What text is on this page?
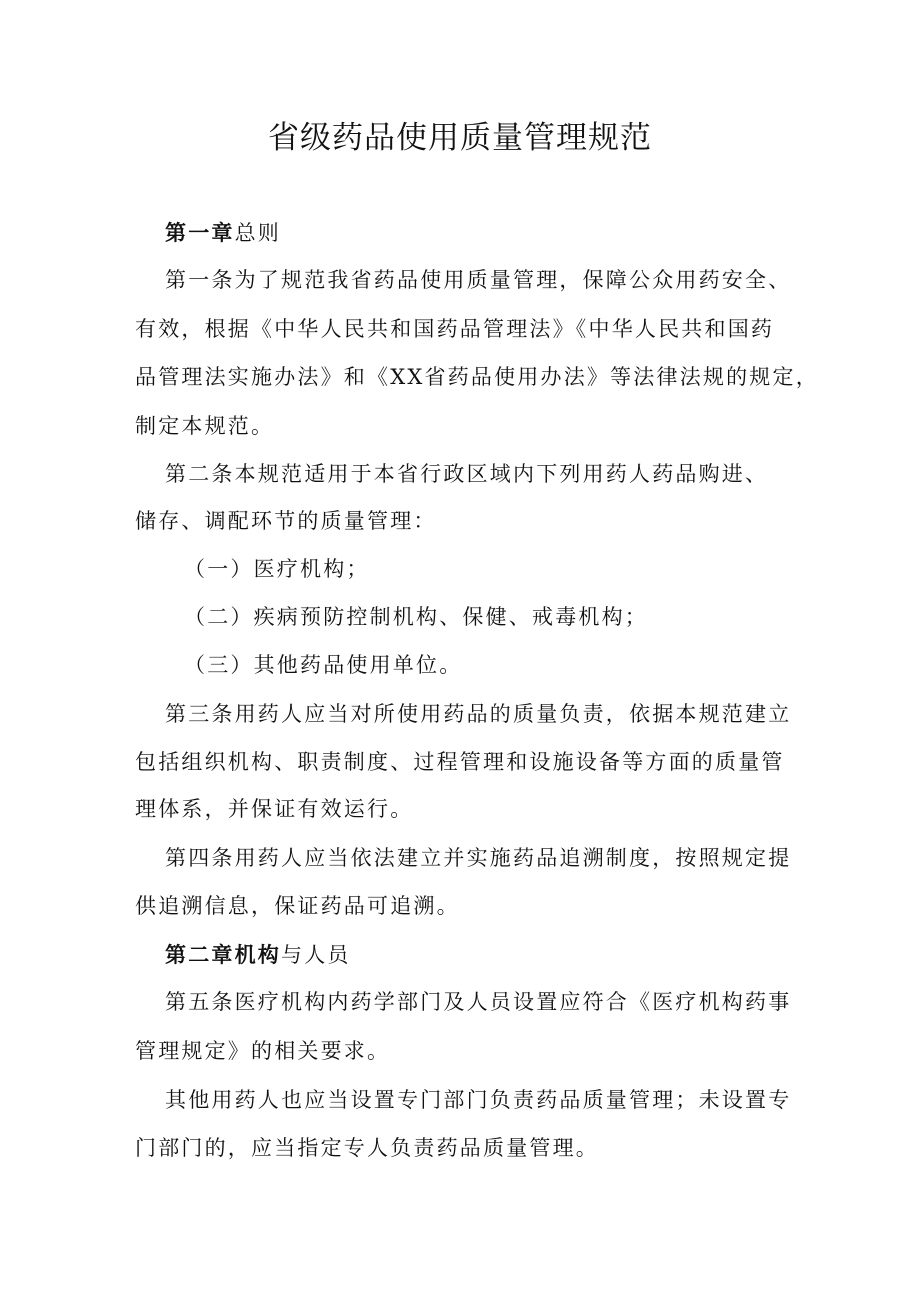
省级药品使用质量管理规范
第一章总则
第一条为了规范我省药品使用质量管理，保障公众用药安全、
有效，根据《中华人民共和国药品管理法》《中华人民共和国药
品管理法实施办法》和《XX省药品使用办法》等法律法规的规定，
制定本规范。
第二条本规范适用于本省行政区域内下列用药人药品购进、
储存、调配环节的质量管理：
（一）医疗机构；
（二）疾病预防控制机构、保健、戒毒机构；
（三）其他药品使用单位。
第三条用药人应当对所使用药品的质量负责，依据本规范建立
包括组织机构、职责制度、过程管理和设施设备等方面的质量管
理体系，并保证有效运行。
第四条用药人应当依法建立并实施药品追溯制度，按照规定提
供追溯信息，保证药品可追溯。
第二章机构与人员
第五条医疗机构内药学部门及人员设置应符合《医疗机构药事
管理规定》的相关要求。
其他用药人也应当设置专门部门负责药品质量管理；未设置专
门部门的，应当指定专人负责药品质量管理。
